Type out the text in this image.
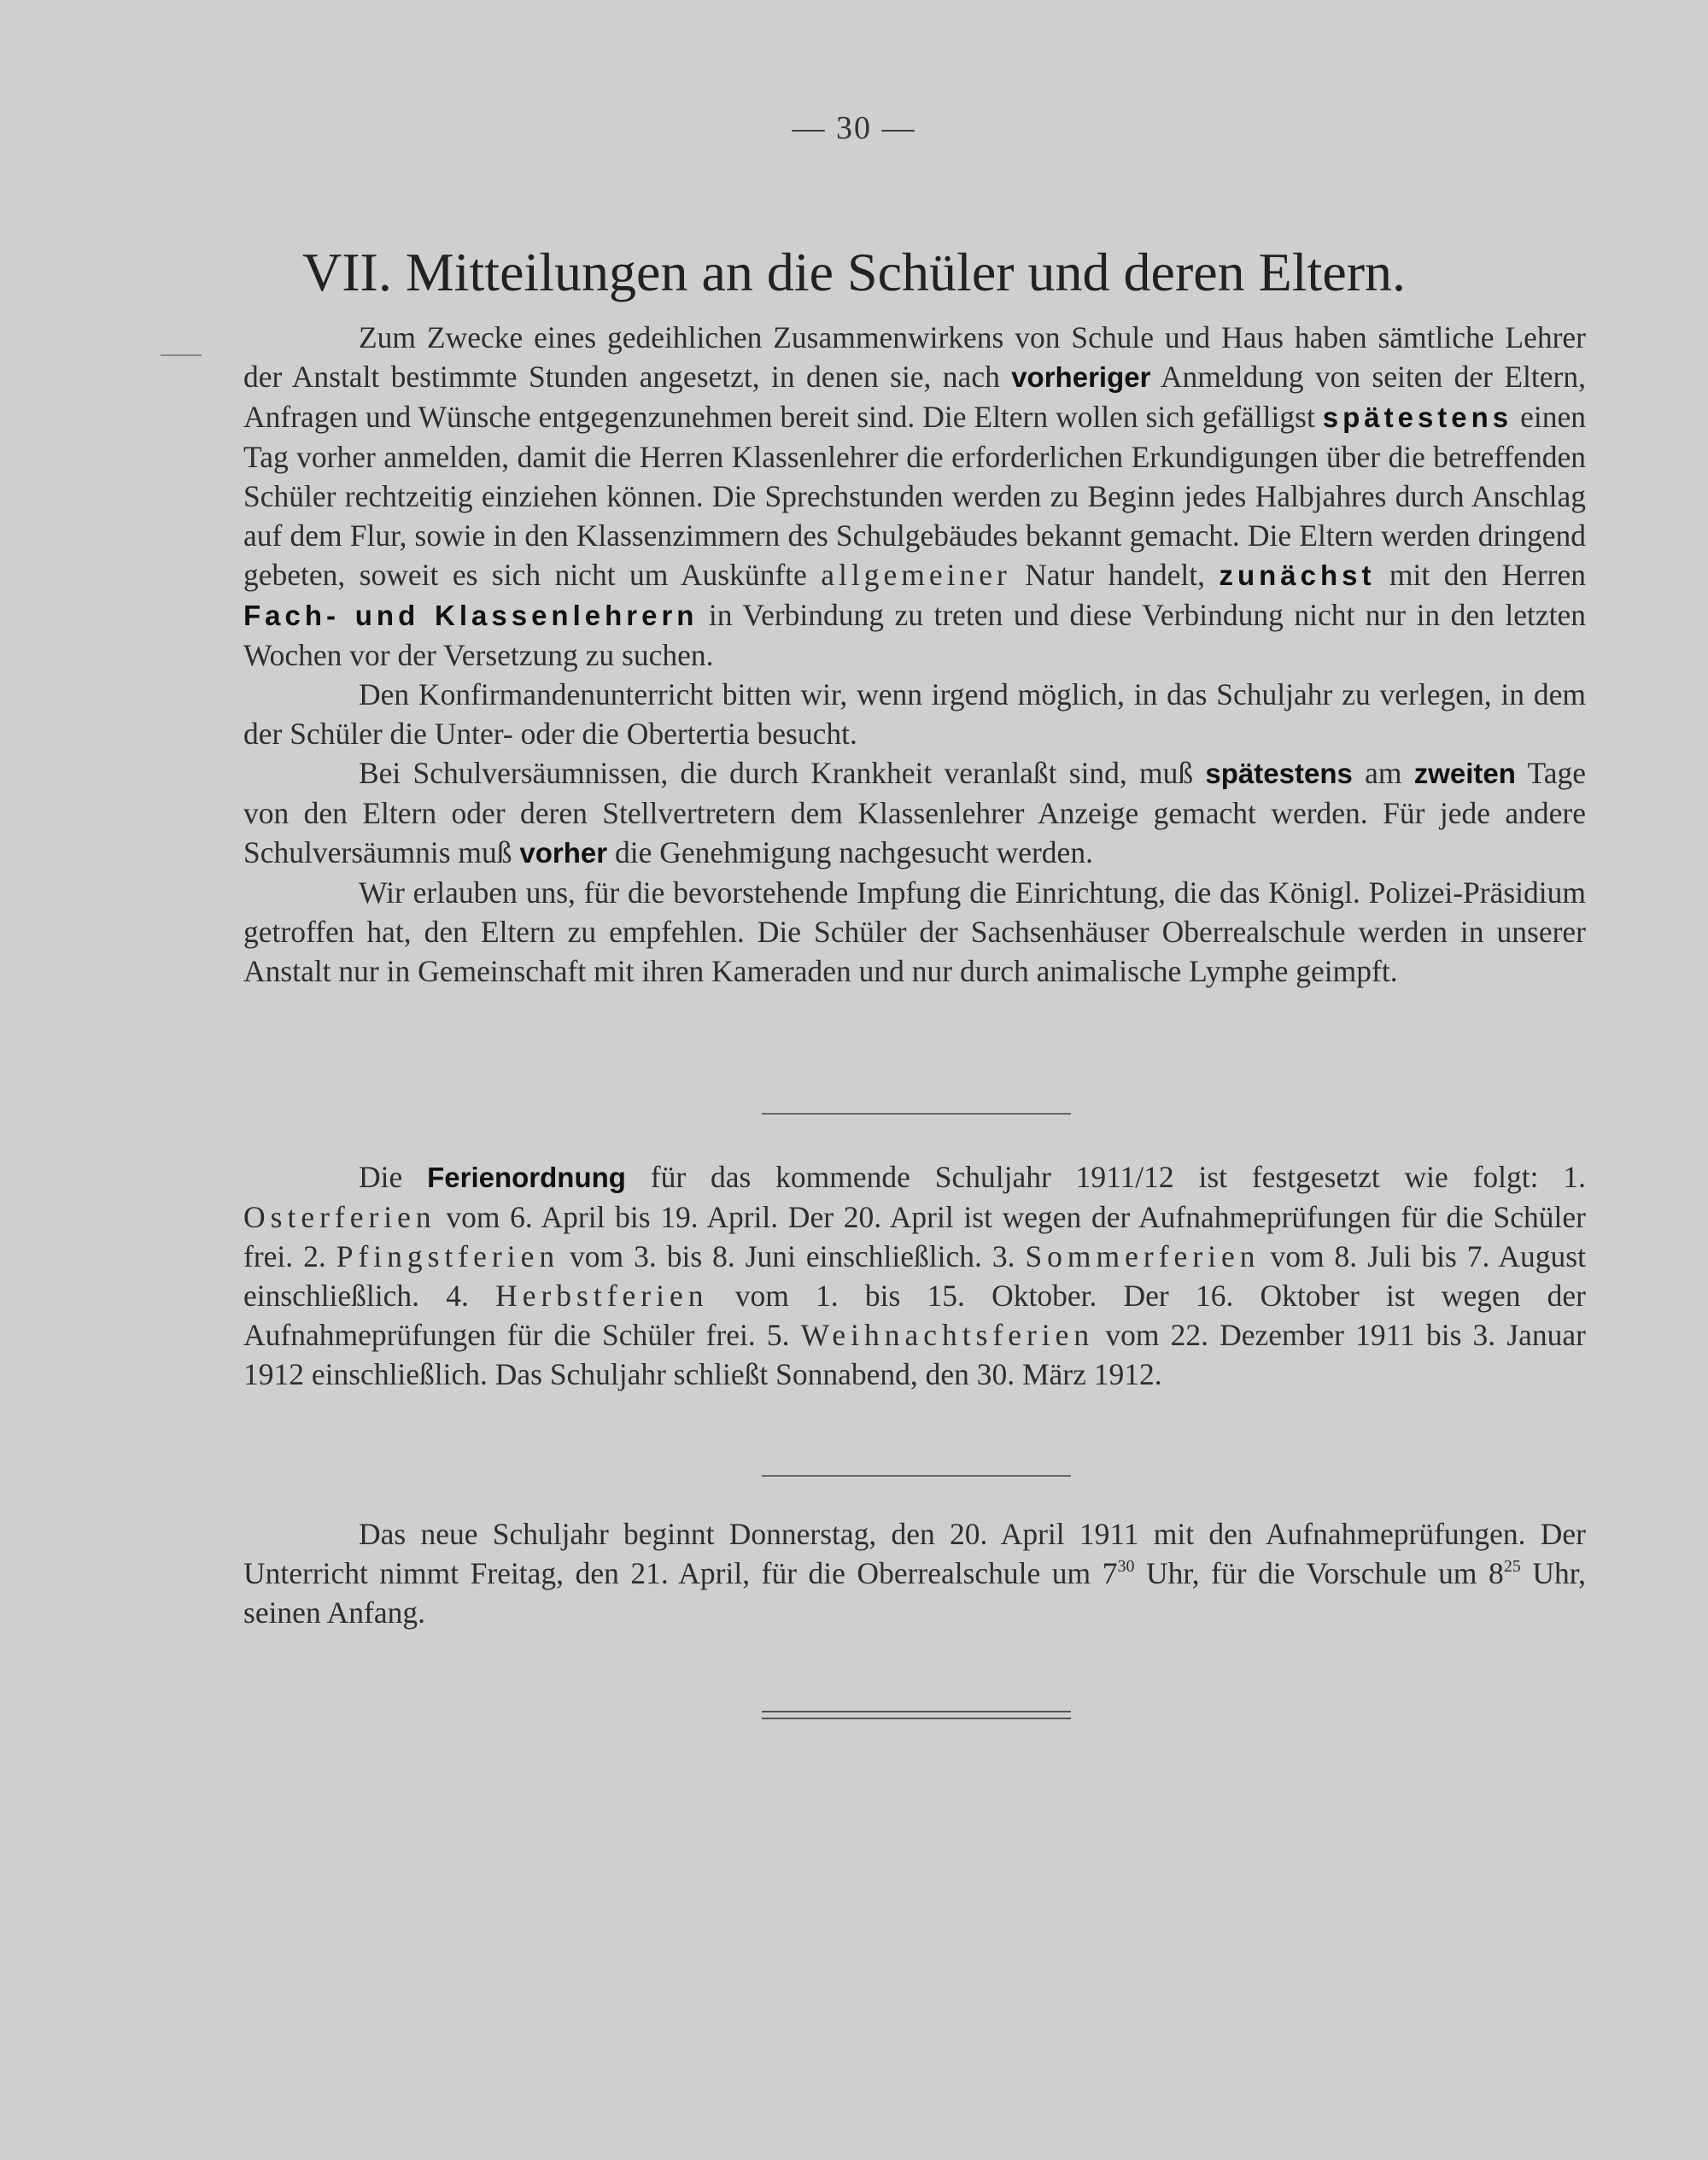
— 30 —
VII. Mitteilungen an die Schüler und deren Eltern.

Zum Zwecke eines gedeihlichen Zusammenwirkens von Schule und Haus haben sämtliche Lehrer der Anstalt bestimmte Stunden angesetzt, in denen sie, nach vorheriger Anmeldung von seiten der Eltern, Anfragen und Wünsche entgegenzunehmen bereit sind. Die Eltern wollen sich gefälligst spätestens einen Tag vorher anmelden, damit die Herren Klassenlehrer die erforderlichen Erkundigungen über die betreffenden Schüler rechtzeitig einziehen können. Die Sprechstunden werden zu Beginn jedes Halbjahres durch Anschlag auf dem Flur, sowie in den Klassenzimmern des Schulgebäudes bekannt gemacht. Die Eltern werden dringend gebeten, soweit es sich nicht um Auskünfte allgemeiner Natur handelt, zunächst mit den Herren Fach- und Klassenlehrern in Verbindung zu treten und diese Verbindung nicht nur in den letzten Wochen vor der Versetzung zu suchen.

Den Konfirmandenunterricht bitten wir, wenn irgend möglich, in das Schuljahr zu verlegen, in dem der Schüler die Unter- oder die Obertertia besucht.

Bei Schulversäumnissen, die durch Krankheit veranlaßt sind, muß spätestens am zweiten Tage von den Eltern oder deren Stellvertretern dem Klassenlehrer Anzeige gemacht werden. Für jede andere Schulversäumnis muß vorher die Genehmigung nachgesucht werden.

Wir erlauben uns, für die bevorstehende Impfung die Einrichtung, die das Königl. Polizei-Präsidium getroffen hat, den Eltern zu empfehlen. Die Schüler der Sachsenhäuser Oberrealschule werden in unserer Anstalt nur in Gemeinschaft mit ihren Kameraden und nur durch animalische Lymphe geimpft.

Die Ferienordnung für das kommende Schuljahr 1911/12 ist festgesetzt wie folgt: 1. Osterferien vom 6. April bis 19. April. Der 20. April ist wegen der Aufnahmeprüfungen für die Schüler frei. 2. Pfingstferien vom 3. bis 8. Juni einschließlich. 3. Sommerferien vom 8. Juli bis 7. August einschließlich. 4. Herbstferien vom 1. bis 15. Oktober. Der 16. Oktober ist wegen der Aufnahmeprüfungen für die Schüler frei. 5. Weihnachtsferien vom 22. Dezember 1911 bis 3. Januar 1912 einschließlich. Das Schuljahr schließt Sonnabend, den 30. März 1912.

Das neue Schuljahr beginnt Donnerstag, den 20. April 1911 mit den Aufnahmeprüfungen. Der Unterricht nimmt Freitag, den 21. April, für die Oberrealschule um $7^{30}$ Uhr, für die Vorschule um $8^{25}$ Uhr, seinen Anfang.
